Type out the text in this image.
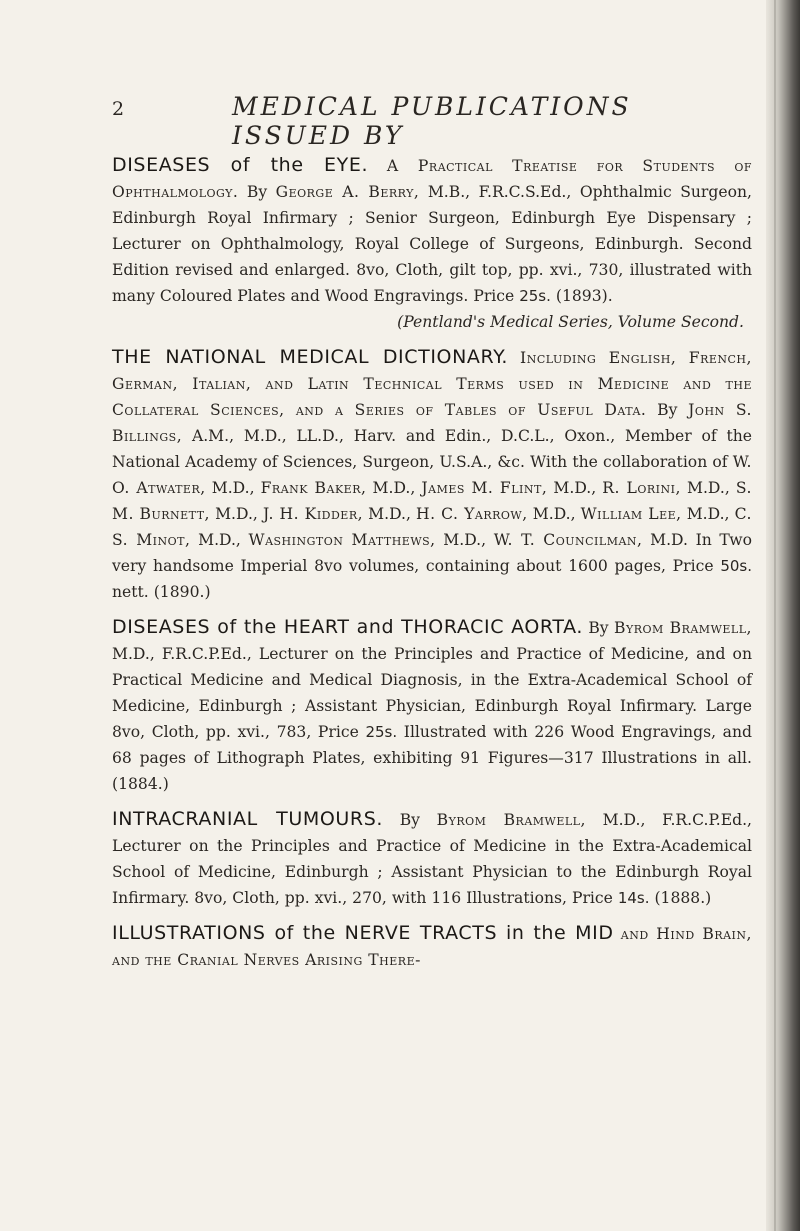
2	MEDICAL PUBLICATIONS ISSUED BY

DISEASES of the EYE. A Practical Treatise for Students of Ophthalmology. By George A. Berry, M.B., F.R.C.S.Ed., Ophthalmic Surgeon, Edinburgh Royal Infirmary ; Senior Surgeon, Edinburgh Eye Dispensary ; Lecturer on Ophthalmology, Royal College of Surgeons, Edinburgh. Second Edition revised and enlarged. 8vo, Cloth, gilt top, pp. xvi., 730, illustrated with many Coloured Plates and Wood Engravings. Price 25s. (1893).
(Pentland's Medical Series, Volume Second.

THE NATIONAL MEDICAL DICTIONARY. Including English, French, German, Italian, and Latin Technical Terms used in Medicine and the Collateral Sciences, and a Series of Tables of Useful Data. By John S. Billings, A.M., M.D., LL.D., Harv. and Edin., D.C.L., Oxon., Member of the National Academy of Sciences, Surgeon, U.S.A., &c. With the collaboration of W. O. Atwater, M.D., Frank Baker, M.D., James M. Flint, M.D., R. Lorini, M.D., S. M. Burnett, M.D., J. H. Kidder, M.D., H. C. Yarrow, M.D., William Lee, M.D., C. S. Minot, M.D., Washington Matthews, M.D., W. T. Councilman, M.D. In Two very handsome Imperial 8vo volumes, containing about 1600 pages, Price 50s. nett. (1890.)

DISEASES of the HEART and THORACIC AORTA. By Byrom Bramwell, M.D., F.R.C.P.Ed., Lecturer on the Principles and Practice of Medicine, and on Practical Medicine and Medical Diagnosis, in the Extra-Academical School of Medicine, Edinburgh ; Assistant Physician, Edinburgh Royal Infirmary. Large 8vo, Cloth, pp. xvi., 783, Price 25s. Illustrated with 226 Wood Engravings, and 68 pages of Lithograph Plates, exhibiting 91 Figures—317 Illustrations in all. (1884.)

INTRACRANIAL TUMOURS. By Byrom Bramwell, M.D., F.R.C.P.Ed., Lecturer on the Principles and Practice of Medicine in the Extra-Academical School of Medicine, Edinburgh ; Assistant Physician to the Edinburgh Royal Infirmary. 8vo, Cloth, pp. xvi., 270, with 116 Illustrations, Price 14s. (1888.)

ILLUSTRATIONS of the NERVE TRACTS in the MID and Hind Brain, and the Cranial Nerves Arising There-
